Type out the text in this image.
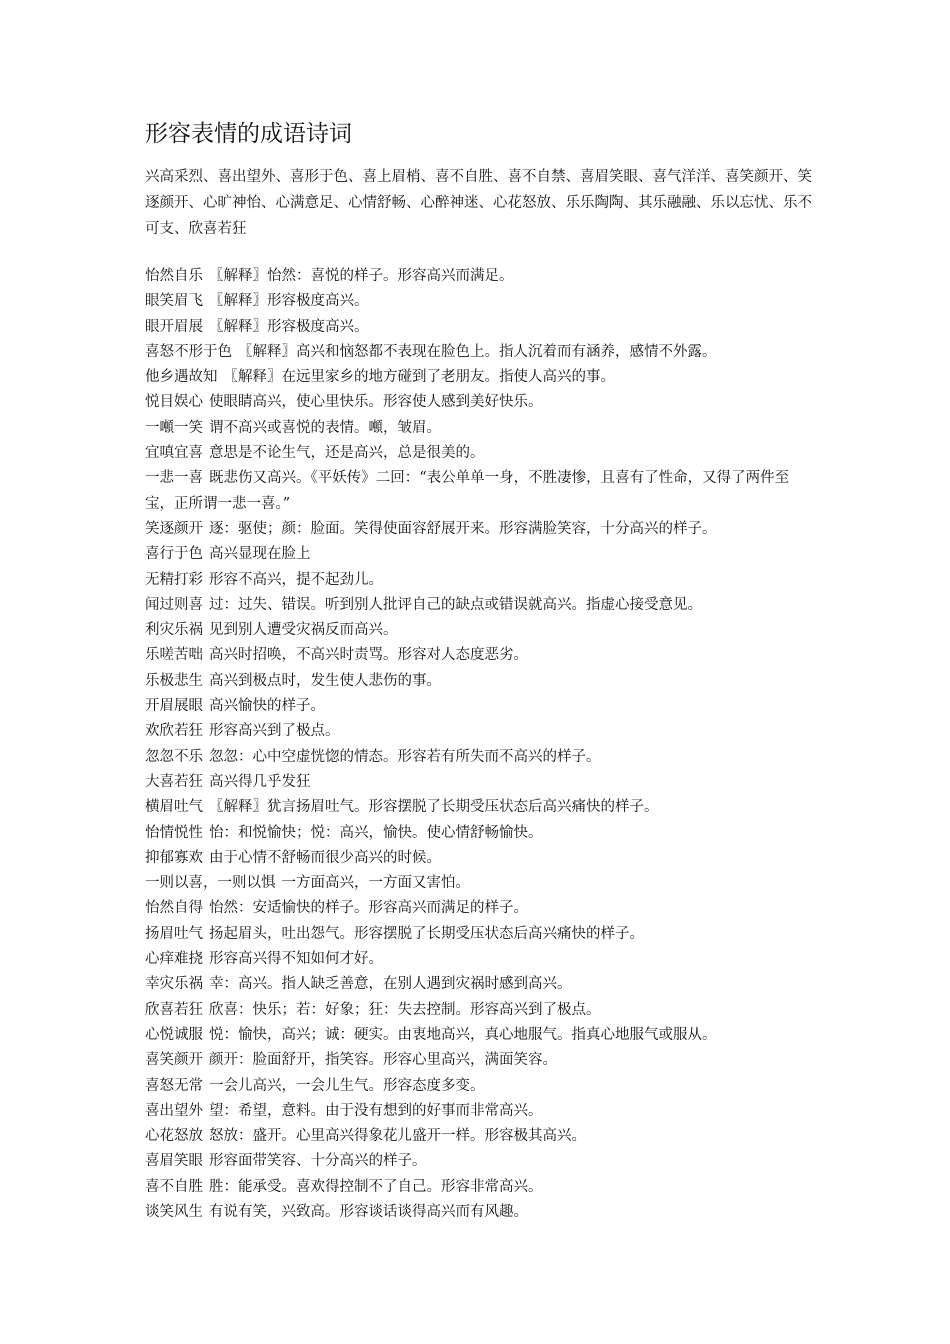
形容表情的成语诗词
兴高采烈、喜出望外、喜形于色、喜上眉梢、喜不自胜、喜不自禁、喜眉笑眼、喜气洋洋、喜笑颜开、笑逐颜开、心旷神怡、心满意足、心情舒畅、心醉神迷、心花怒放、乐乐陶陶、其乐融融、乐以忘忧、乐不可支、欣喜若狂
怡然自乐 〖解释〗怡然：喜悦的样子。形容高兴而满足。
眼笑眉飞 〖解释〗形容极度高兴。
眼开眉展 〖解释〗形容极度高兴。
喜怒不形于色 〖解释〗高兴和恼怒都不表现在脸色上。指人沉着而有涵养，感情不外露。
他乡遇故知 〖解释〗在远里家乡的地方碰到了老朋友。指使人高兴的事。
悦目娱心 使眼睛高兴，使心里快乐。形容使人感到美好快乐。
一噸一笑 谓不高兴或喜悦的表情。噸，皱眉。
宜嗔宜喜 意思是不论生气，还是高兴，总是很美的。
一悲一喜 既悲伤又高兴。《平妖传》二回：“表公单单一身，不胜凄惨，且喜有了性命，又得了两件至宝，正所谓一悲一喜。”
笑逐颜开 逐：驱使；颜：脸面。笑得使面容舒展开来。形容满脸笑容，十分高兴的样子。
喜行于色 高兴显现在脸上
无精打彩 形容不高兴，提不起劲儿。
闻过则喜 过：过失、错误。听到别人批评自己的缺点或错误就高兴。指虚心接受意见。
利灾乐祸 见到别人遭受灾祸反而高兴。
乐嗟苦咄 高兴时招唤，不高兴时责骂。形容对人态度恶劣。
乐极悲生 高兴到极点时，发生使人悲伤的事。
开眉展眼 高兴愉快的样子。
欢欣若狂 形容高兴到了极点。
忽忽不乐 忽忽：心中空虚恍惚的情态。形容若有所失而不高兴的样子。
大喜若狂 高兴得几乎发狂
横眉吐气 〖解释〗犹言扬眉吐气。形容摆脱了长期受压状态后高兴痛快的样子。
怡情悦性 怡：和悦愉快；悦：高兴，愉快。使心情舒畅愉快。
抑郁寡欢 由于心情不舒畅而很少高兴的时候。
一则以喜，一则以惧 一方面高兴，一方面又害怕。
怡然自得 怡然：安适愉快的样子。形容高兴而满足的样子。
扬眉吐气 扬起眉头，吐出怨气。形容摆脱了长期受压状态后高兴痛快的样子。
心痒难挠 形容高兴得不知如何才好。
幸灾乐祸 幸：高兴。指人缺乏善意，在别人遇到灾祸时感到高兴。
欣喜若狂 欣喜：快乐；若：好象；狂：失去控制。形容高兴到了极点。
心悦诚服 悦：愉快，高兴；诚：硬实。由衷地高兴，真心地服气。指真心地服气或服从。
喜笑颜开 颜开：脸面舒开，指笑容。形容心里高兴，满面笑容。
喜怒无常 一会儿高兴，一会儿生气。形容态度多变。
喜出望外 望：希望，意料。由于没有想到的好事而非常高兴。
心花怒放 怒放：盛开。心里高兴得象花儿盛开一样。形容极其高兴。
喜眉笑眼 形容面带笑容、十分高兴的样子。
喜不自胜 胜：能承受。喜欢得控制不了自己。形容非常高兴。
谈笑风生 有说有笑，兴致高。形容谈话谈得高兴而有风趣。
